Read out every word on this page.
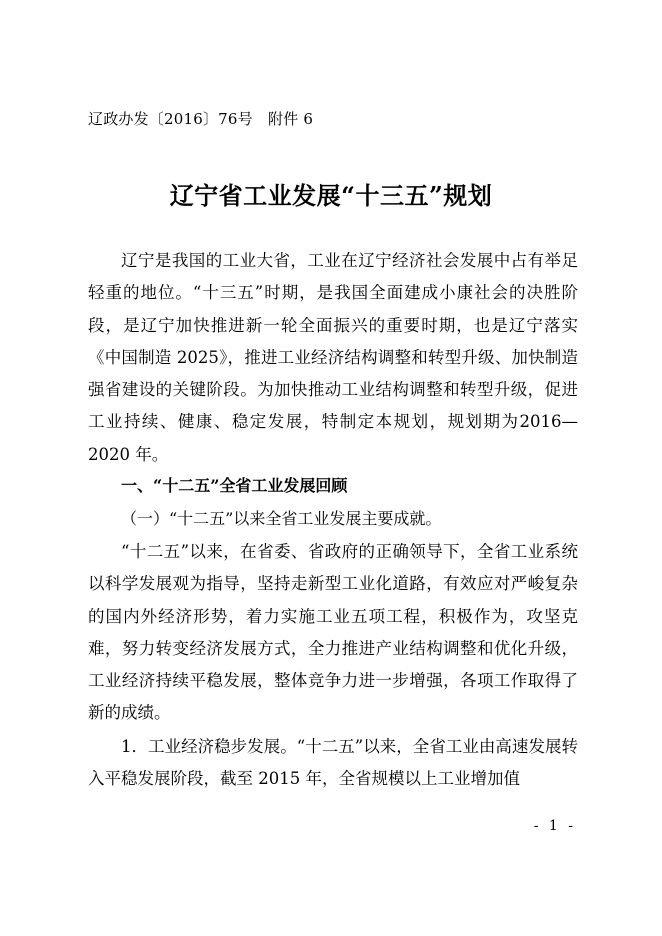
辽政办发〔2016〕76号　附件 6
辽宁省工业发展“十三五”规划
辽宁是我国的工业大省，工业在辽宁经济社会发展中占有举足轻重的地位。“十三五”时期，是我国全面建成小康社会的决胜阶段，是辽宁加快推进新一轮全面振兴的重要时期，也是辽宁落实《中国制造 2025》，推进工业经济结构调整和转型升级、加快制造强省建设的关键阶段。为加快推动工业结构调整和转型升级，促进工业持续、健康、稳定发展，特制定本规划，规划期为2016—2020 年。
一、“十二五”全省工业发展回顾
（一）“十二五”以来全省工业发展主要成就。
“十二五”以来，在省委、省政府的正确领导下，全省工业系统以科学发展观为指导，坚持走新型工业化道路，有效应对严峻复杂的国内外经济形势，着力实施工业五项工程，积极作为，攻坚克难，努力转变经济发展方式，全力推进产业结构调整和优化升级，工业经济持续平稳发展，整体竞争力进一步增强，各项工作取得了新的成绩。
1．工业经济稳步发展。“十二五”以来，全省工业由高速发展转入平稳发展阶段，截至 2015 年，全省规模以上工业增加值
- 1 -
